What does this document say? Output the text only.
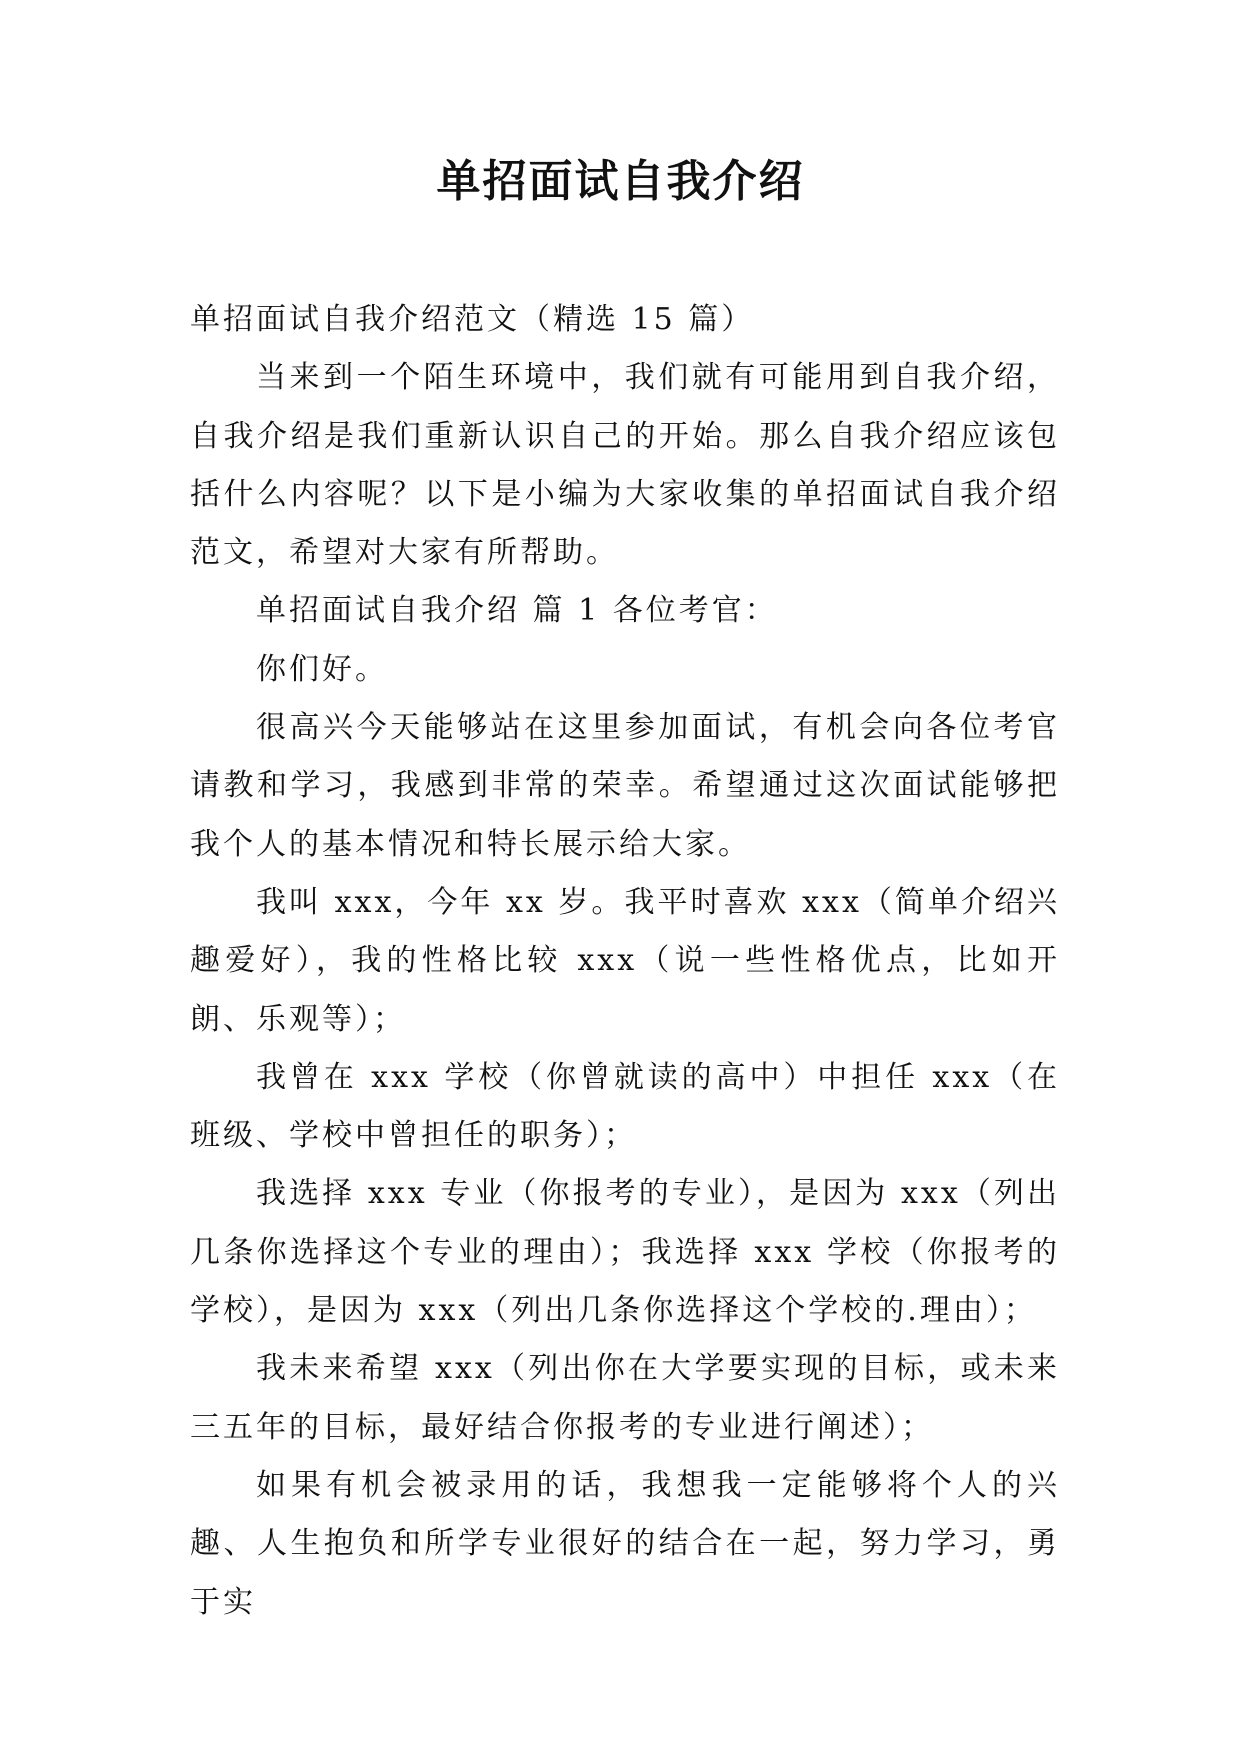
单招面试自我介绍

单招面试自我介绍范文（精选 15 篇）

当来到一个陌生环境中，我们就有可能用到自我介绍，自我介绍是我们重新认识自己的开始。那么自我介绍应该包括什么内容呢？以下是小编为大家收集的单招面试自我介绍范文，希望对大家有所帮助。

单招面试自我介绍 篇 1 各位考官：

你们好。

很高兴今天能够站在这里参加面试，有机会向各位考官请教和学习，我感到非常的荣幸。希望通过这次面试能够把我个人的基本情况和特长展示给大家。

我叫 xxx，今年 xx 岁。我平时喜欢 xxx（简单介绍兴趣爱好），我的性格比较 xxx（说一些性格优点，比如开朗、乐观等）；

我曾在 xxx 学校（你曾就读的高中）中担任 xxx（在班级、学校中曾担任的职务）；

我选择 xxx 专业（你报考的专业），是因为 xxx（列出几条你选择这个专业的理由）；我选择 xxx 学校（你报考的学校），是因为 xxx（列出几条你选择这个学校的.理由）；

我未来希望 xxx（列出你在大学要实现的目标，或未来三五年的目标，最好结合你报考的专业进行阐述）；

如果有机会被录用的话，我想我一定能够将个人的兴趣、人生抱负和所学专业很好的结合在一起，努力学习，勇于实
